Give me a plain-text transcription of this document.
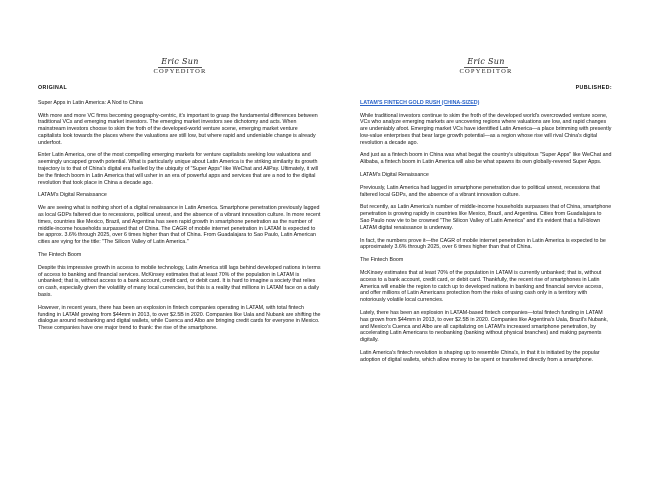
Eric Sun
COPYEDITOR
ORIGINAL
Super Apps in Latin America: A Nod to China
With more and more VC firms becoming geography-centric, it's important to grasp the fundamental differences between traditional VCs and emerging market investors. The emerging market investors see dichotomy and acts. When mainstream investors choose to skim the froth of the developed-world venture scene, emerging market venture capitalists look towards the places where the valuations are still low, but where rapid and undeniable change is already underfoot.
Enter Latin America, one of the most compelling emerging markets for venture capitalists seeking low valuations and seemingly uncapped growth potential. What is particularly unique about Latin America is the striking similarity its growth trajectory is to that of China's digital era fuelled by the ubiquity of "Super Apps" like WeChat and AliPay. Ultimately, it will be the fintech boom in Latin America that will usher in an era of powerful apps and services that are a nod to the digital revolution that took place in China a decade ago.
LATAM's Digital Renaissance
We are seeing what is nothing short of a digital renaissance in Latin America. Smartphone penetration previously lagged as local GDPs faltered due to recessions, political unrest, and the absence of a vibrant innovation culture. In more recent times, countries like Mexico, Brazil, and Argentina has seen rapid growth in smartphone penetration as the number of middle-income households surpassed that of China. The CAGR of mobile internet penetration in LATAM is expected to be approx. 3.6% through 2025, over 6 times higher than that of China. From Guadalajara to Sao Paulo, Latin American cities are vying for the title: "The Silicon Valley of Latin America."
The Fintech Boom
Despite this impressive growth in access to mobile technology, Latin America still lags behind developed nations in terms of access to banking and financial services. McKinsey estimates that at least 70% of the population in LATAM is unbanked; that is, without access to a bank account, credit card, or debit card. It is hard to imagine a society that relies on cash, especially given the volatility of many local currencies, but this is a reality that millions in LATAM face on a daily basis.
However, in recent years, there has been an explosion in fintech companies operating in LATAM, with total fintech funding in LATAM growing from $44mm in 2013, to over $2.5B in 2020. Companies like Uala and Nubank are shifting the dialogue around neobanking and digital wallets, while Cuenca and Albo are bringing credit cards for everyone in Mexico. These companies have one major trend to thank: the rise of the smartphone.
Eric Sun
COPYEDITOR
PUBLISHED:
LATAM'S FINTECH GOLD RUSH (CHINA-SIZED)
While traditional investors continue to skim the froth of the developed world's overcrowded venture scene, VCs who analyze emerging markets are uncovering regions where valuations are low, and rapid changes are undeniably afoot. Emerging market VCs have identified Latin America—a place brimming with presently low-value enterprises that bear large growth potential—as a region whose rise will rival China's digital revolution a decade ago.
And just as a fintech boom in China was what begat the country's ubiquitous "Super Apps" like WeChat and Alibaba, a fintech boom in Latin America will also be what spawns its own globally-revered Super Apps.
LATAM's Digital Renaissance
Previously, Latin America had lagged in smartphone penetration due to political unrest, recessions that faltered local GDPs, and the absence of a vibrant innovation culture.
But recently, as Latin America's number of middle-income households surpasses that of China, smartphone penetration is growing rapidly in countries like Mexico, Brazil, and Argentina. Cities from Guadalajara to Sao Paulo now vie to be crowned "The Silicon Valley of Latin America" and it's evident that a full-blown LATAM digital renaissance is underway.
In fact, the numbers prove it—the CAGR of mobile internet penetration in Latin America is expected to be approximately 3.6% through 2025, over 6 times higher than that of China.
The Fintech Boom
McKinsey estimates that at least 70% of the population in LATAM is currently unbanked; that is, without access to a bank account, credit card, or debit card. Thankfully, the recent rise of smartphones in Latin America will enable the region to catch up to developed nations in banking and financial service access, and offer millions of Latin Americans protection from the risks of using cash only in a territory with notoriously volatile local currencies.
Lately, there has been an explosion in LATAM-based fintech companies—total fintech funding in LATAM has grown from $44mm in 2013, to over $2.5B in 2020. Companies like Argentina's Uala, Brazil's Nubank, and Mexico's Cuenca and Albo are all capitalizing on LATAM's increased smartphone penetration, by accelerating Latin Americans to neobanking (banking without physical branches) and making payments digitally.
Latin America's fintech revolution is shaping up to resemble China's, in that it is initiated by the popular adoption of digital wallets, which allow money to be spent or transferred directly from a smartphone.
